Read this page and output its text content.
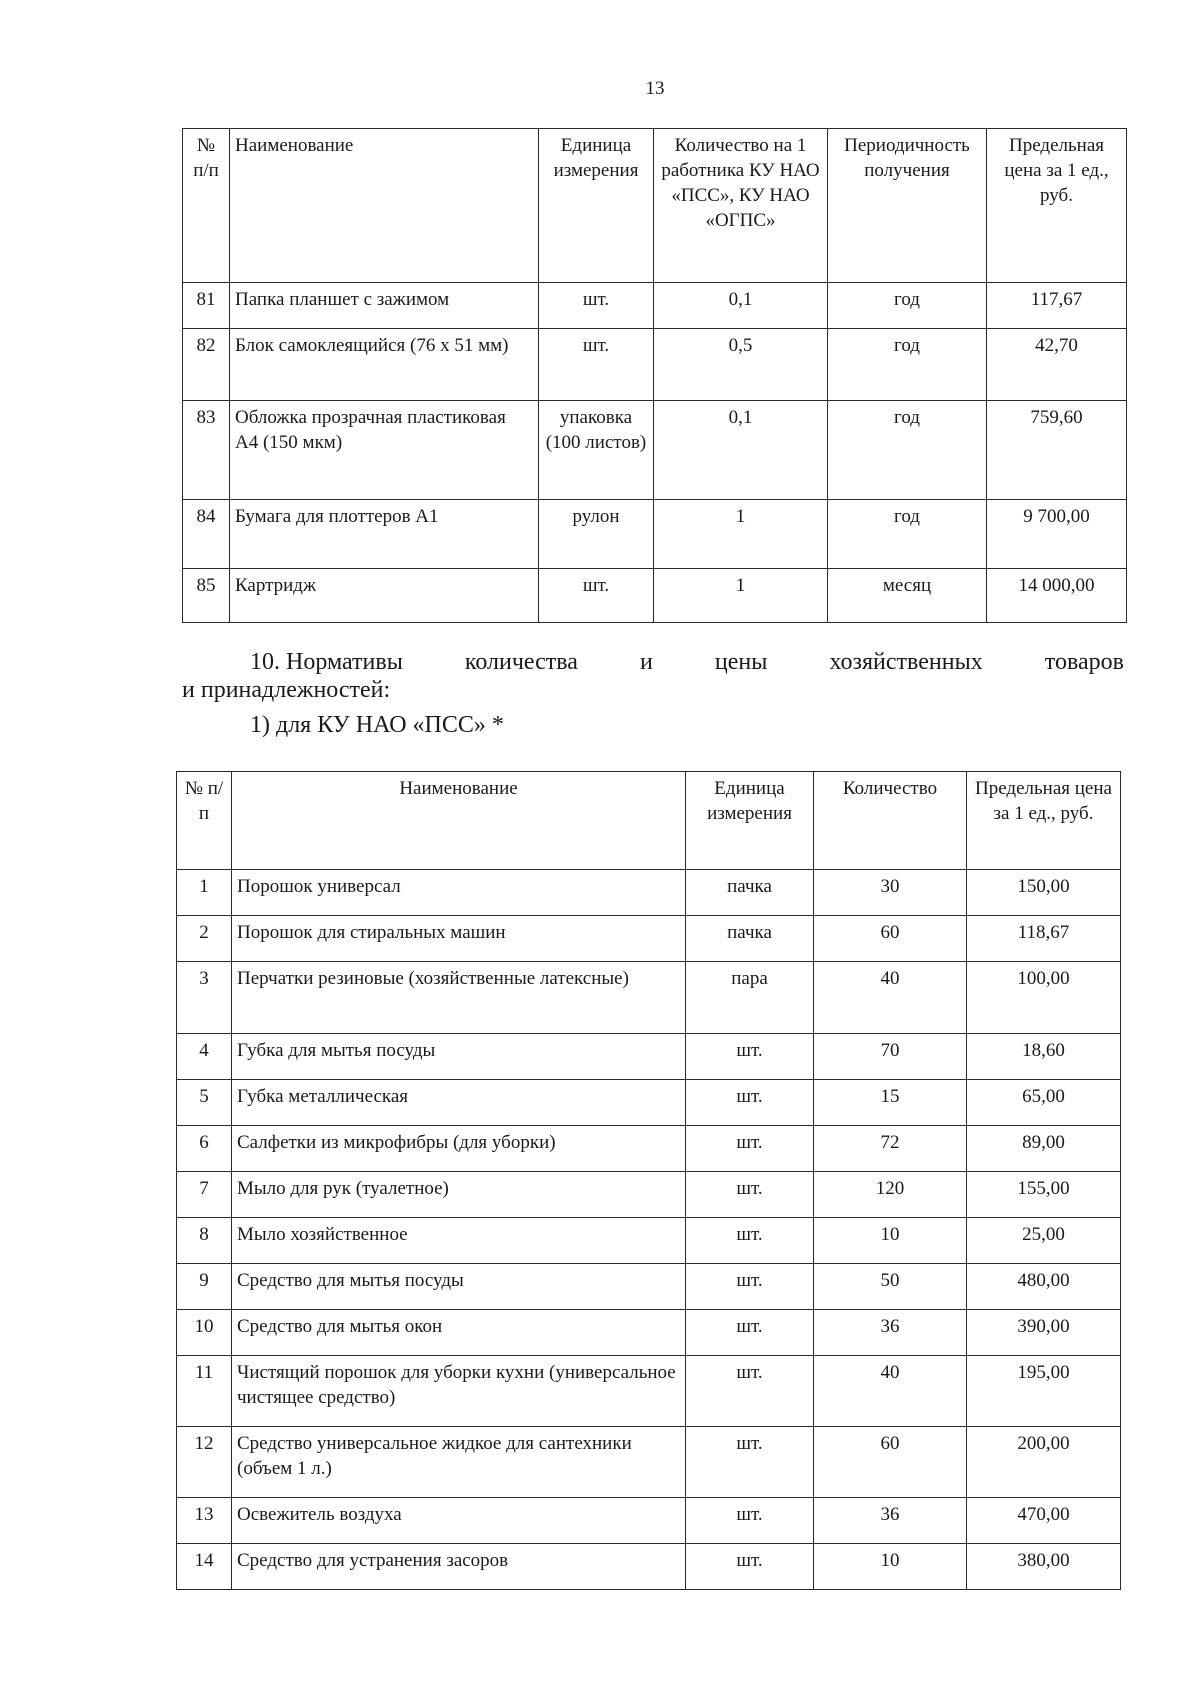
13
№ п/п	Наименование	Единица измерения	Количество на 1 работника КУ НАО «ПСС», КУ НАО «ОГПС»	Периодичность получения	Предельная цена за 1 ед., руб.
81	Папка планшет с зажимом	шт.	0,1	год	117,67
82	Блок самоклеящийся (76 х 51 мм)	шт.	0,5	год	42,70
83	Обложка прозрачная пластиковая А4 (150 мкм)	упаковка (100 листов)	0,1	год	759,60
84	Бумага для плоттеров А1	рулон	1	год	9 700,00
85	Картридж	шт.	1	месяц	14 000,00
10. Нормативы	количества	и	цены	хозяйственных	товаров
и принадлежностей:
1) для КУ НАО «ПСС» *
№ п/п	Наименование	Единица измерения	Количество	Предельная цена за 1 ед., руб.
1	Порошок универсал	пачка	30	150,00
2	Порошок для стиральных машин	пачка	60	118,67
3	Перчатки резиновые (хозяйственные латексные)	пара	40	100,00
4	Губка для мытья посуды	шт.	70	18,60
5	Губка металлическая	шт.	15	65,00
6	Салфетки из микрофибры (для уборки)	шт.	72	89,00
7	Мыло для рук (туалетное)	шт.	120	155,00
8	Мыло хозяйственное	шт.	10	25,00
9	Средство для мытья посуды	шт.	50	480,00
10	Средство для мытья окон	шт.	36	390,00
11	Чистящий порошок для уборки кухни (универсальное чистящее средство)	шт.	40	195,00
12	Средство универсальное жидкое для сантехники (объем 1 л.)	шт.	60	200,00
13	Освежитель воздуха	шт.	36	470,00
14	Средство для устранения засоров	шт.	10	380,00
